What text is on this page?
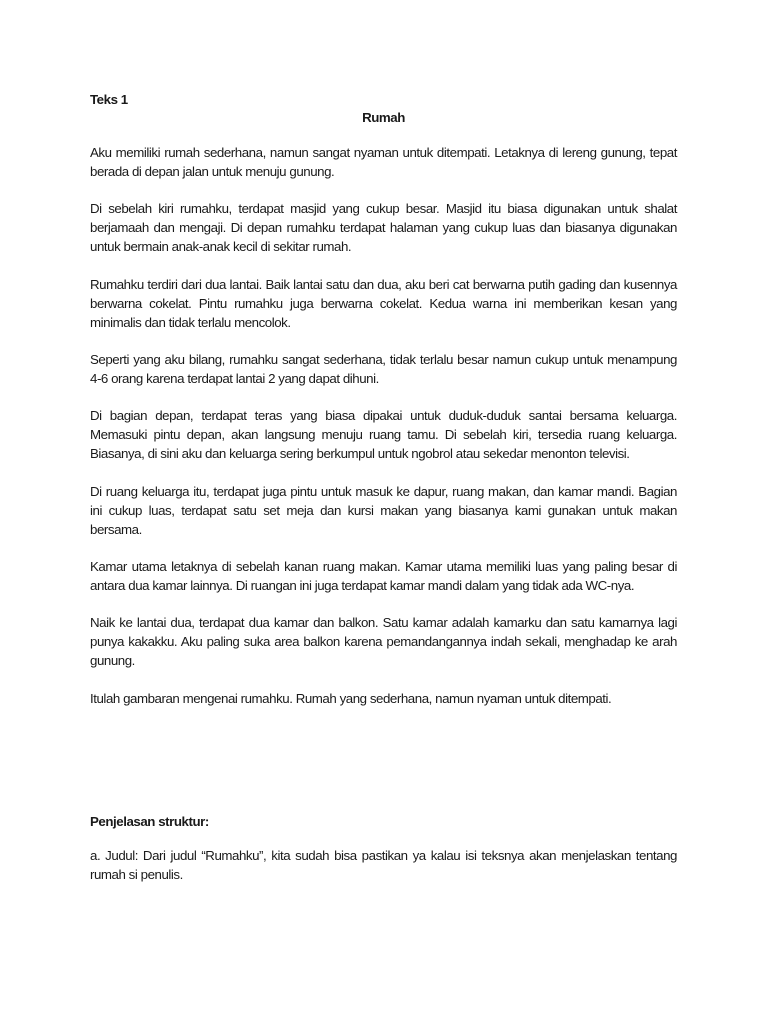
Teks 1

Rumah

Aku memiliki rumah sederhana, namun sangat nyaman untuk ditempati. Letaknya di lereng gunung, tepat berada di depan jalan untuk menuju gunung.

Di sebelah kiri rumahku, terdapat masjid yang cukup besar. Masjid itu biasa digunakan untuk shalat berjamaah dan mengaji. Di depan rumahku terdapat halaman yang cukup luas dan biasanya digunakan untuk bermain anak-anak kecil di sekitar rumah.

Rumahku terdiri dari dua lantai. Baik lantai satu dan dua, aku beri cat berwarna putih gading dan kusennya berwarna cokelat. Pintu rumahku juga berwarna cokelat. Kedua warna ini memberikan kesan yang minimalis dan tidak terlalu mencolok.

Seperti yang aku bilang, rumahku sangat sederhana, tidak terlalu besar namun cukup untuk menampung 4-6 orang karena terdapat lantai 2 yang dapat dihuni.

Di bagian depan, terdapat teras yang biasa dipakai untuk duduk-duduk santai bersama keluarga. Memasuki pintu depan, akan langsung menuju ruang tamu. Di sebelah kiri, tersedia ruang keluarga. Biasanya, di sini aku dan keluarga sering berkumpul untuk ngobrol atau sekedar menonton televisi.

Di ruang keluarga itu, terdapat juga pintu untuk masuk ke dapur, ruang makan, dan kamar mandi. Bagian ini cukup luas, terdapat satu set meja dan kursi makan yang biasanya kami gunakan untuk makan bersama.

Kamar utama letaknya di sebelah kanan ruang makan. Kamar utama memiliki luas yang paling besar di antara dua kamar lainnya. Di ruangan ini juga terdapat kamar mandi dalam yang tidak ada WC-nya.

Naik ke lantai dua, terdapat dua kamar dan balkon. Satu kamar adalah kamarku dan satu kamarnya lagi punya kakakku. Aku paling suka area balkon karena pemandangannya indah sekali, menghadap ke arah gunung.

Itulah gambaran mengenai rumahku. Rumah yang sederhana, namun nyaman untuk ditempati.

Penjelasan struktur:

a. Judul: Dari judul “Rumahku”, kita sudah bisa pastikan ya kalau isi teksnya akan menjelaskan tentang rumah si penulis.
